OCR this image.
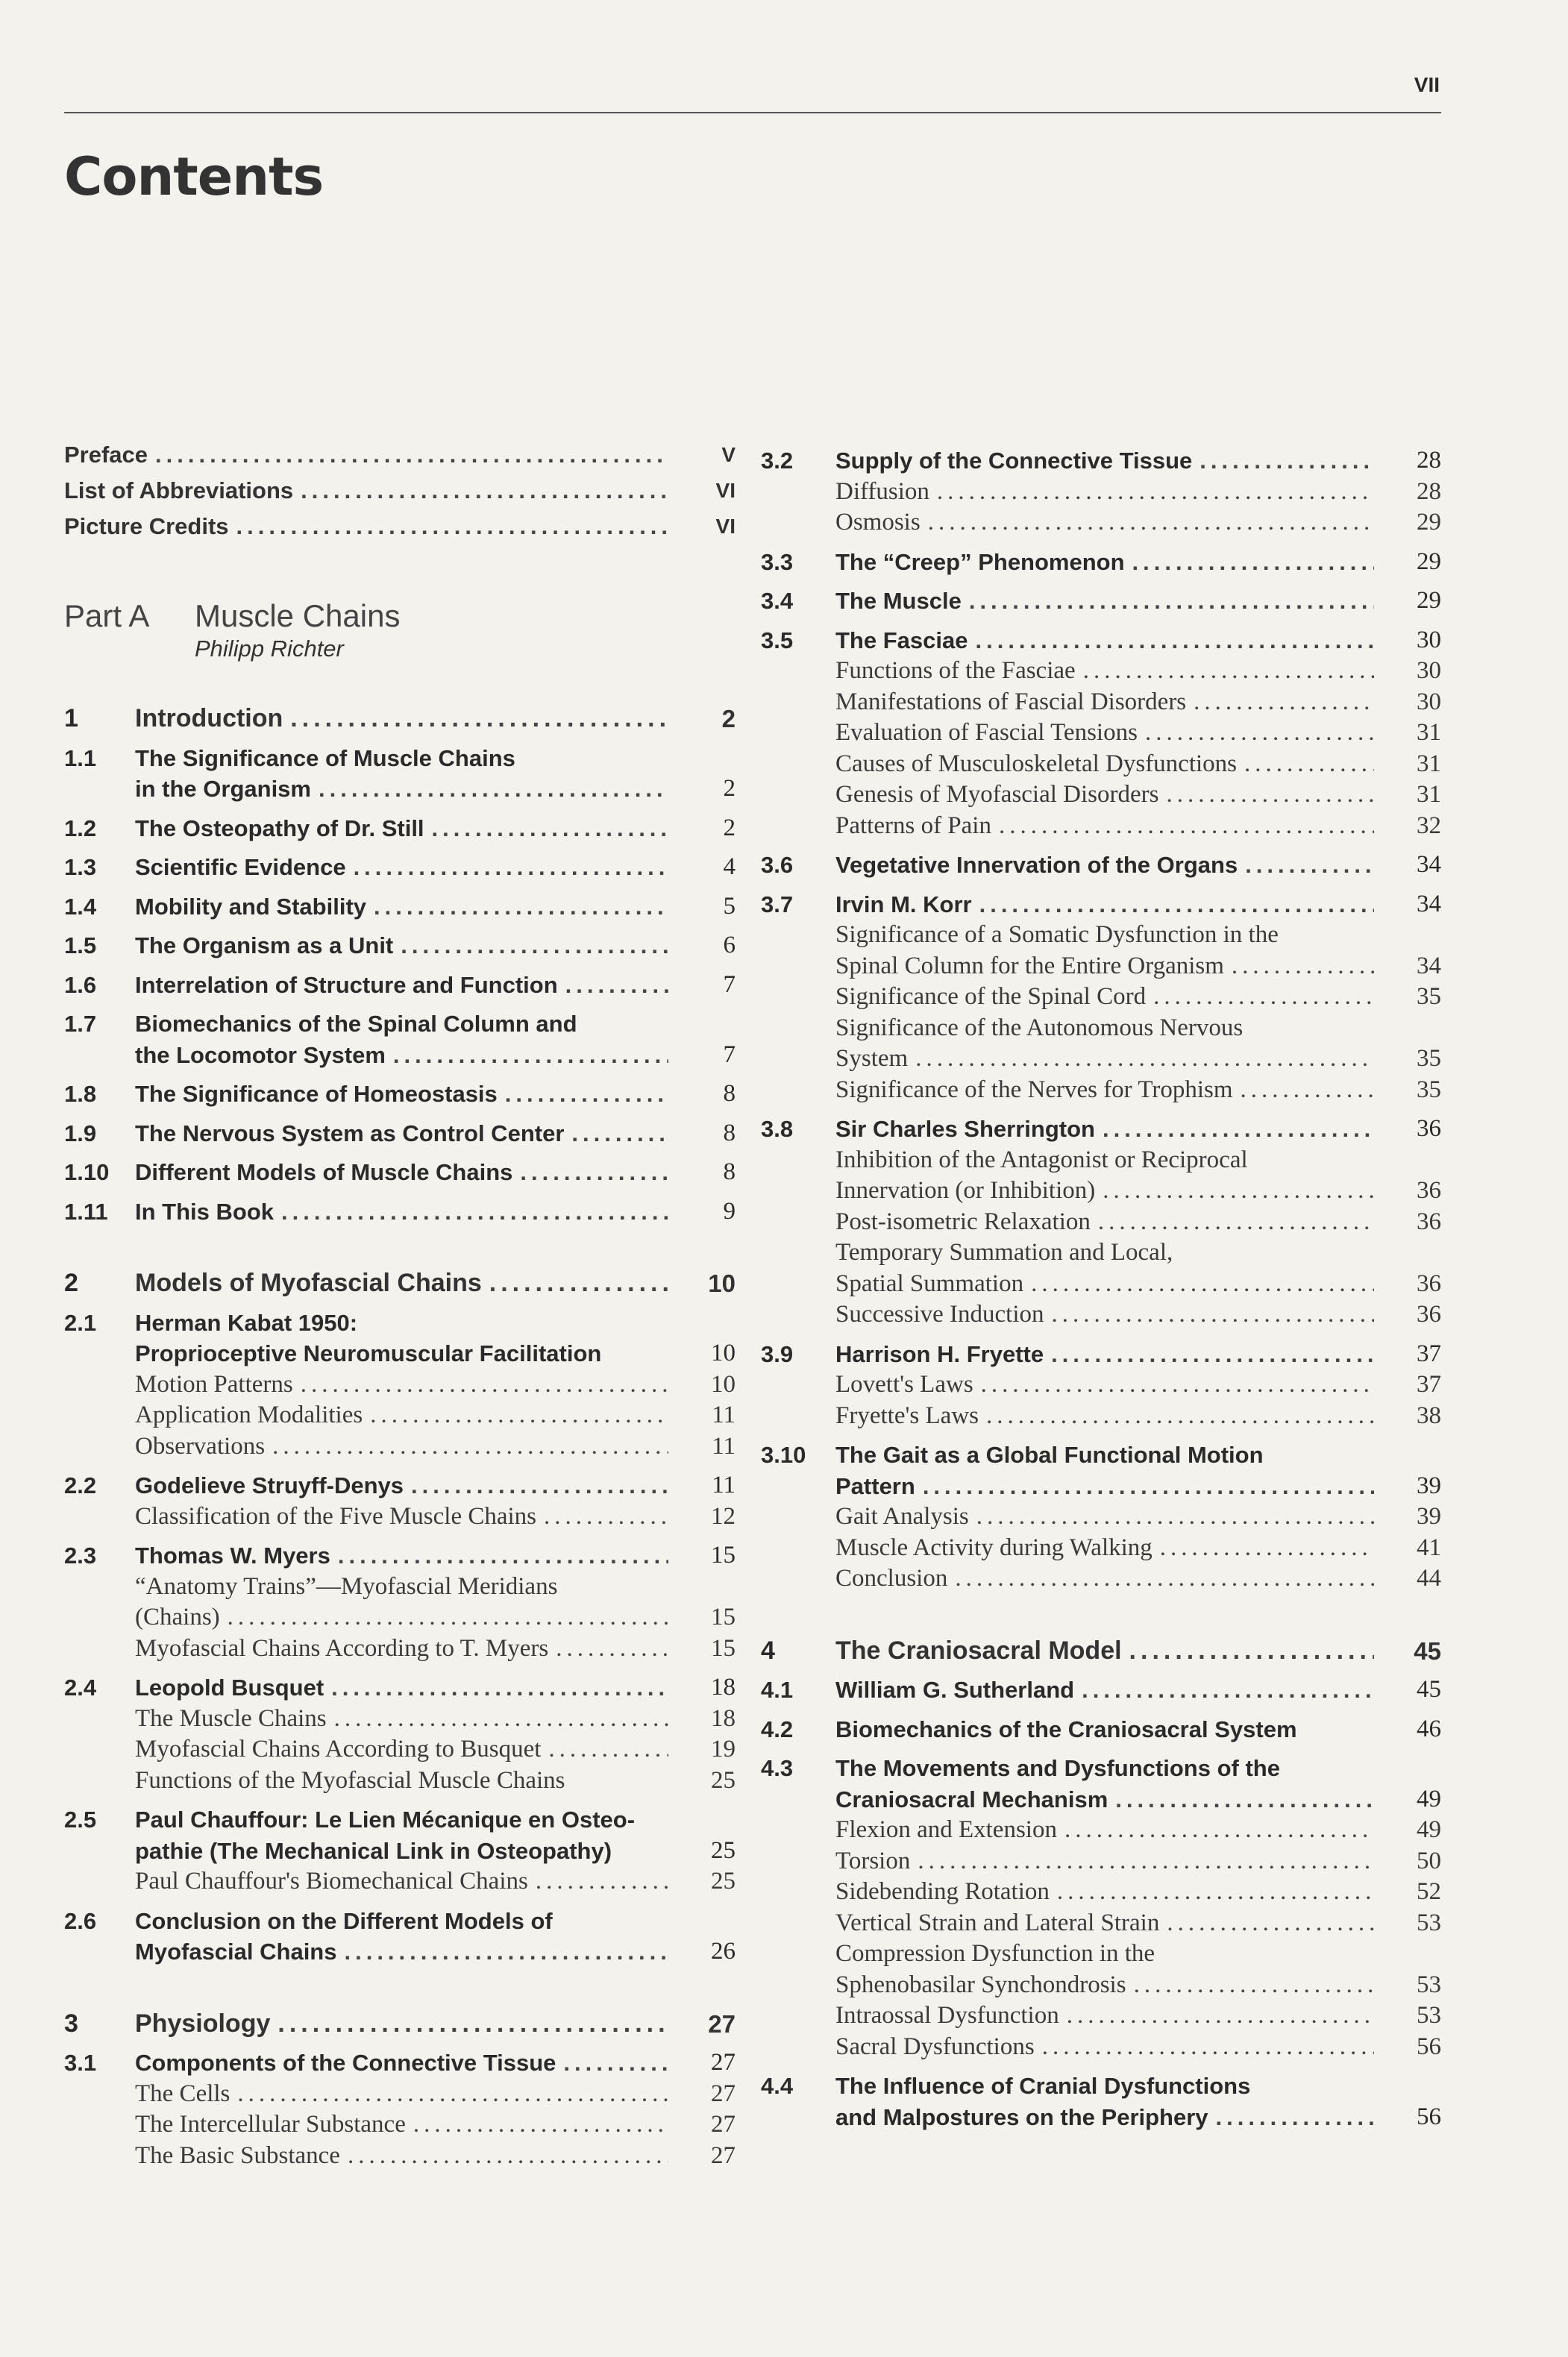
VII
Contents
Preface .....	V
List of Abbreviations .....	VI
Picture Credits .....	VI
Part A	Muscle Chains
Philipp Richter
1 Introduction .....	2
1.1 The Significance of Muscle Chains
in the Organism .....	2
1.2 The Osteopathy of Dr. Still .....	2
1.3 Scientific Evidence .....	4
1.4 Mobility and Stability .....	5
1.5 The Organism as a Unit .....	6
1.6 Interrelation of Structure and Function .....	7
1.7 Biomechanics of the Spinal Column and
the Locomotor System .....	7
1.8 The Significance of Homeostasis .....	8
1.9 The Nervous System as Control Center .....	8
1.10 Different Models of Muscle Chains .....	8
1.11 In This Book .....	9
2 Models of Myofascial Chains .....	10
2.1 Herman Kabat 1950:
Proprioceptive Neuromuscular Facilitation	10
Motion Patterns .....	10
Application Modalities .....	11
Observations .....	11
2.2 Godelieve Struyff-Denys .....	11
Classification of the Five Muscle Chains .....	12
2.3 Thomas W. Myers .....	15
“Anatomy Trains”—Myofascial Meridians
(Chains) .....	15
Myofascial Chains According to T. Myers .....	15
2.4 Leopold Busquet .....	18
The Muscle Chains .....	18
Myofascial Chains According to Busquet .....	19
Functions of the Myofascial Muscle Chains	25
2.5 Paul Chauffour: Le Lien Mécanique en Osteo-
pathie (The Mechanical Link in Osteopathy)	25
Paul Chauffour's Biomechanical Chains .....	25
2.6 Conclusion on the Different Models of
Myofascial Chains .....	26
3 Physiology .....	27
3.1 Components of the Connective Tissue .....	27
The Cells .....	27
The Intercellular Substance .....	27
The Basic Substance .....	27
3.2 Supply of the Connective Tissue .....	28
Diffusion .....	28
Osmosis .....	29
3.3 The “Creep” Phenomenon .....	29
3.4 The Muscle .....	29
3.5 The Fasciae .....	30
Functions of the Fasciae .....	30
Manifestations of Fascial Disorders .....	30
Evaluation of Fascial Tensions .....	31
Causes of Musculoskeletal Dysfunctions .....	31
Genesis of Myofascial Disorders .....	31
Patterns of Pain .....	32
3.6 Vegetative Innervation of the Organs .....	34
3.7 Irvin M. Korr .....	34
Significance of a Somatic Dysfunction in the
Spinal Column for the Entire Organism .....	34
Significance of the Spinal Cord .....	35
Significance of the Autonomous Nervous
System .....	35
Significance of the Nerves for Trophism .....	35
3.8 Sir Charles Sherrington .....	36
Inhibition of the Antagonist or Reciprocal
Innervation (or Inhibition) .....	36
Post-isometric Relaxation .....	36
Temporary Summation and Local,
Spatial Summation .....	36
Successive Induction .....	36
3.9 Harrison H. Fryette .....	37
Lovett's Laws .....	37
Fryette's Laws .....	38
3.10 The Gait as a Global Functional Motion
Pattern .....	39
Gait Analysis .....	39
Muscle Activity during Walking .....	41
Conclusion .....	44
4 The Craniosacral Model .....	45
4.1 William G. Sutherland .....	45
4.2 Biomechanics of the Craniosacral System	46
4.3 The Movements and Dysfunctions of the
Craniosacral Mechanism .....	49
Flexion and Extension .....	49
Torsion .....	50
Sidebending Rotation .....	52
Vertical Strain and Lateral Strain .....	53
Compression Dysfunction in the
Sphenobasilar Synchondrosis .....	53
Intraossal Dysfunction .....	53
Sacral Dysfunctions .....	56
4.4 The Influence of Cranial Dysfunctions
and Malpostures on the Periphery .....	56
